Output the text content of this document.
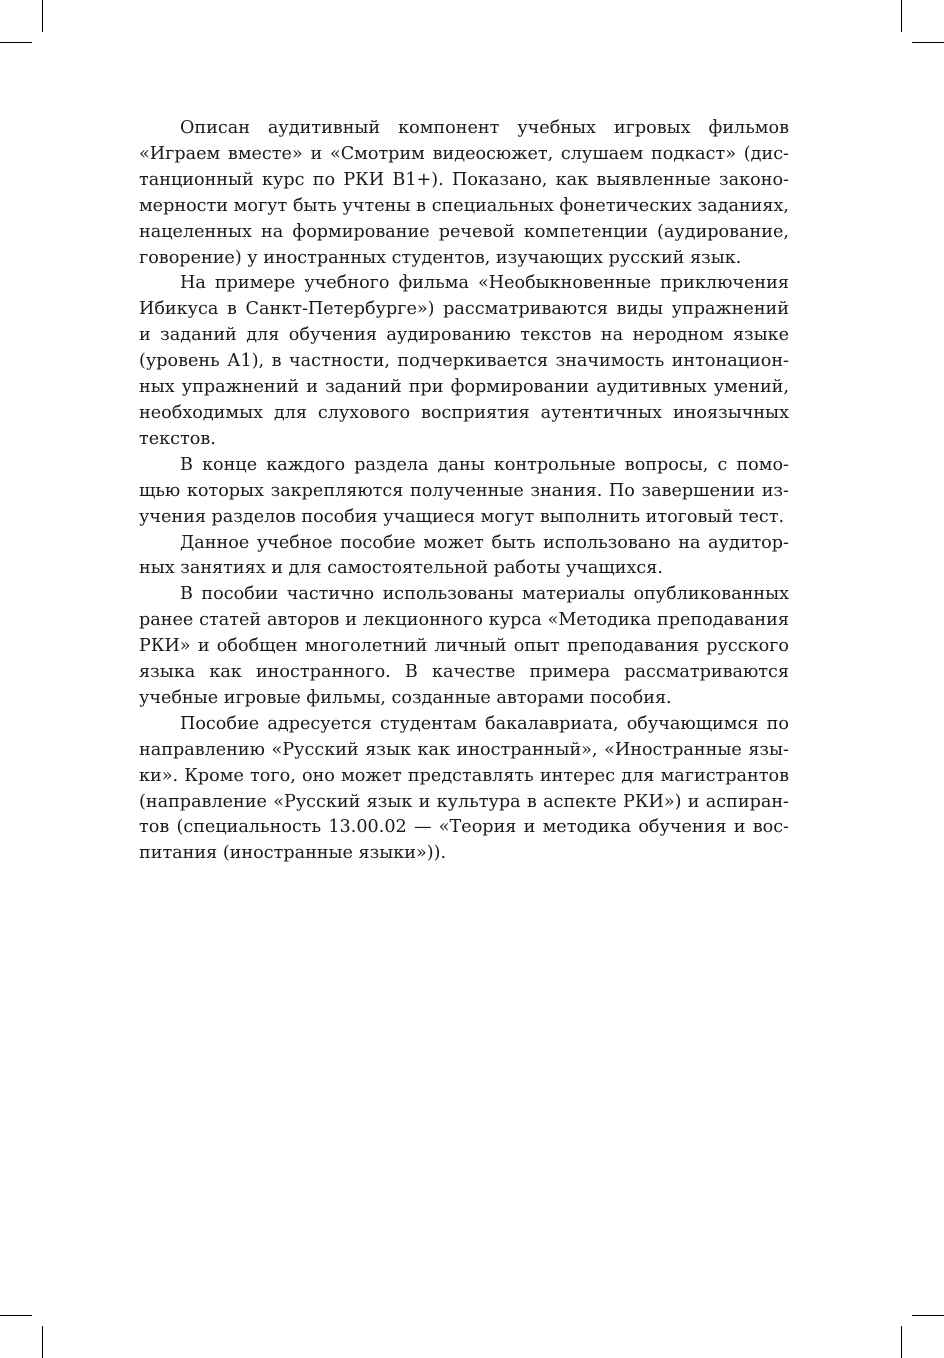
Описан аудитивный компонент учебных игровых фильмов «Играем вместе» и «Смотрим видеосюжет, слушаем подкаст» (дистанционный курс по РКИ B1+). Показано, как выявленные закономерности могут быть учтены в специальных фонетических заданиях, нацеленных на формирование речевой компетенции (аудирование, говорение) у иностранных студентов, изучающих русский язык.

На примере учебного фильма «Необыкновенные приключения Ибикуса в Санкт-Петербурге») рассматриваются виды упражнений и заданий для обучения аудированию текстов на неродном языке (уровень А1), в частности, подчеркивается значимость интонационных упражнений и заданий при формировании аудитивных умений, необходимых для слухового восприятия аутентичных иноязычных текстов.

В конце каждого раздела даны контрольные вопросы, с помощью которых закрепляются полученные знания. По завершении изучения разделов пособия учащиеся могут выполнить итоговый тест.

Данное учебное пособие может быть использовано на аудиторных занятиях и для самостоятельной работы учащихся.

В пособии частично использованы материалы опубликованных ранее статей авторов и лекционного курса «Методика преподавания РКИ» и обобщен многолетний личный опыт преподавания русского языка как иностранного. В качестве примера рассматриваются учебные игровые фильмы, созданные авторами пособия.

Пособие адресуется студентам бакалавриата, обучающимся по направлению «Русский язык как иностранный», «Иностранные языки». Кроме того, оно может представлять интерес для магистрантов (направление «Русский язык и культура в аспекте РКИ») и аспирантов (специальность 13.00.02 — «Теория и методика обучения и воспитания (иностранные языки»)).
